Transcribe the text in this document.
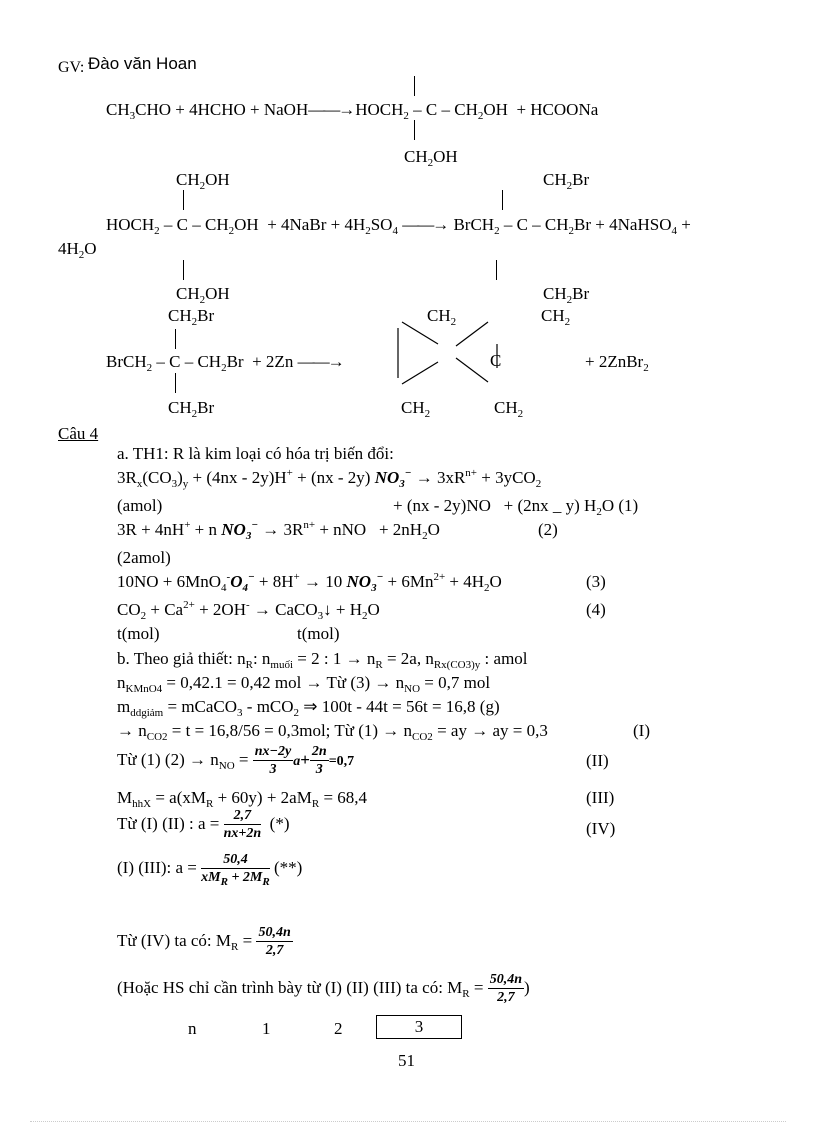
GV: Đào văn Hoan
$CH_3CHO$ + 4HCHO + $NaOH——\to HOCH_2 - C - CH_2OH$  + HCOONa
$CH_2OH$
$CH_2OH$	$CH_2Br$
$HOCH_2$ – C – $CH_2OH$  + 4NaBr + $4H_2SO_4$ ——→ BrCH$_2$ – C – $CH_2Br$ + 4NaHSO$_4$ +
$4H_2O$
$CH_2OH$	$CH_2Br$
$CH_2Br$	$CH_2$	$CH_2$
BrCH$_2$ – $C - CH_2Br + 2Zn$ ——→	C	+ 2ZnBr$_2$
$CH_2Br$	$CH_2$	$CH_2$
Câu 4
a. TH1: R là kim loại có hóa trị biến đổi:
$3R_x(CO_3)_y + (4nx - 2y)H^+ + (nx - 2y) NO_3^- \to 3xR^{n+} + 3yCO_2$
(amol)	+ (nx - 2y)NO   + (2nx _ y) $H_2O$ (1)
3R + 4nH+ + n $NO_3^- \to 3R^{n+}$ + nNO   + $2nH_2O$	(2)
(2amol)
$10NO + 6MnO_4^-O_4^- + 8H^+ \to 10$ $NO_3^- + 6Mn^{2+} + 4H_2O$	(3)
$CO_2 + Ca^{2+} + 2OH^-$ → CaCO$_3$↓ + $H_2O$	(4)
t(mol)	t(mol)
b. Theo giả thiết: $n_R$: $n_{muối} = 2$ : $1 \to n_R = 2a$, $n_{Rx(CO3)y}$ : amol
$n_{KMnO4} = 0,42.1 = 0,42$ mol → Từ $(3) \to n_{NO} = 0,7$ mol
$m_{ddgiảm}$ = mCaCO$_3$ - mCO$_2$ ⇒ 100t - 44t = 56t = 16,8 (g)
→ $n_{CO2} = t = 16,8/56 = 0,3mol$; Từ $(1) \to n_{CO2}$ = ay → ay = 0,3	(I)
Từ (1) $(2) \to n_{NO} = \frac{nx-2y}{3} a+ \frac{2n}{3} =0,7$	(II)
$M_{hhX} = a(xM_R + 60y) + 2aM_R = 68,4$	(III)
Từ (I) (II) : $a = \frac{2,7}{nx+2n}$ (*)	(IV)
(I) (III): $a = \frac{50,4}{xM_R + 2M_R}$ (**)
Từ (IV) ta có: $M_R = \frac{50,4n}{2,7}$
(Hoặc HS chỉ cần trình bày từ (I) (II) (III) ta có: $M_R = \frac{50,4n}{2,7}$ )
n	1	2	3
51
